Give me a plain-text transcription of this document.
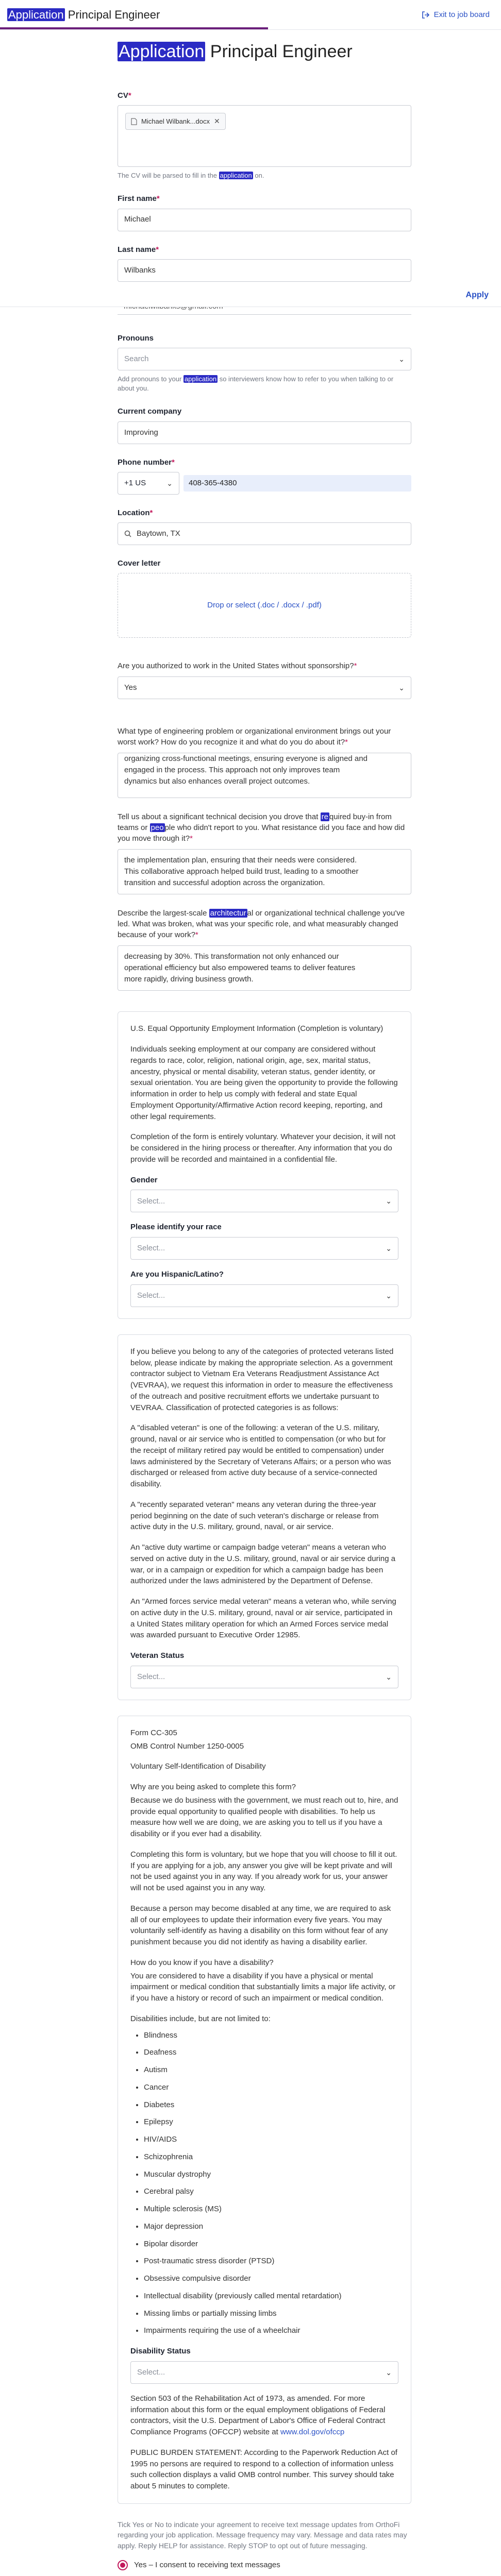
Application Principal Engineer	Exit to job board
Apply
Application Principal Engineer
CV*
Michael Wilbank...docx ✕
The CV will be parsed to fill in the application on.
First name*
Michael
Last name*
Wilbanks
Pronouns
Search	⌄
Add pronouns to your application so interviewers know how to refer to you when talking to or about you.
Current company
Improving
Phone number*
+1 US	⌄	408-365-4380
Location*
Baytown, TX
Cover letter
Drop or select (.doc / .docx / .pdf)
Are you authorized to work in the United States without sponsorship?*
Yes	⌄
What type of engineering problem or organizational environment brings out your worst work? How do you recognize it and what do you do about it?*
organizing cross-functional meetings, ensuring everyone is aligned and
engaged in the process. This approach not only improves team
dynamics but also enhances overall project outcomes.
Tell us about a significant technical decision you drove that re quired buy-in from teams or peo ple who didn't report to you. What resistance did you face and how did you move through it?*
the implementation plan, ensuring that their needs were considered.
This collaborative approach helped build trust, leading to a smoother
transition and successful adoption across the organization.
Describe the largest-scale architectur al or organizational technical challenge you've led. What was broken, what was your specific role, and what measurably changed because of your work?*
decreasing by 30%. This transformation not only enhanced our
operational efficiency but also empowered teams to deliver features
more rapidly, driving business growth.

U.S. Equal Opportunity Employment Information (Completion is voluntary)

Individuals seeking employment at our company are considered without regards to race, color, religion, national origin, age, sex, marital status, ancestry, physical or mental disability, veteran status, gender identity, or sexual orientation. You are being given the opportunity to provide the following information in order to help us comply with federal and state Equal Employment Opportunity/Affirmative Action record keeping, reporting, and other legal requirements.

Completion of the form is entirely voluntary. Whatever your decision, it will not be considered in the hiring process or thereafter. Any information that you do provide will be recorded and maintained in a confidential file.

Gender
Select...	⌄
Please identify your race
Select...	⌄
Are you Hispanic/Latino?
Select...	⌄

If you believe you belong to any of the categories of protected veterans listed below, please indicate by making the appropriate selection. As a government contractor subject to Vietnam Era Veterans Readjustment Assistance Act (VEVRAA), we request this information in order to measure the effectiveness of the outreach and positive recruitment efforts we undertake pursuant to VEVRAA. Classification of protected categories is as follows:

A "disabled veteran" is one of the following: a veteran of the U.S. military, ground, naval or air service who is entitled to compensation (or who but for the receipt of military retired pay would be entitled to compensation) under laws administered by the Secretary of Veterans Affairs; or a person who was discharged or released from active duty because of a service-connected disability.

A "recently separated veteran" means any veteran during the three-year period beginning on the date of such veteran's discharge or release from active duty in the U.S. military, ground, naval, or air service.

An "active duty wartime or campaign badge veteran" means a veteran who served on active duty in the U.S. military, ground, naval or air service during a war, or in a campaign or expedition for which a campaign badge has been authorized under the laws administered by the Department of Defense.

An "Armed forces service medal veteran" means a veteran who, while serving on active duty in the U.S. military, ground, naval or air service, participated in a United States military operation for which an Armed Forces service medal was awarded pursuant to Executive Order 12985.

Veteran Status
Select...	⌄

Form CC-305

OMB Control Number 1250-0005

Voluntary Self-Identification of Disability

Why are you being asked to complete this form?

Because we do business with the government, we must reach out to, hire, and provide equal opportunity to qualified people with disabilities. To help us measure how well we are doing, we are asking you to tell us if you have a disability or if you ever had a disability.

Completing this form is voluntary, but we hope that you will choose to fill it out. If you are applying for a job, any answer you give will be kept private and will not be used against you in any way. If you already work for us, your answer will not be used against you in any way.

Because a person may become disabled at any time, we are required to ask all of our employees to update their information every five years. You may voluntarily self-identify as having a disability on this form without fear of any punishment because you did not identify as having a disability earlier.

How do you know if you have a disability?

You are considered to have a disability if you have a physical or mental impairment or medical condition that substantially limits a major life activity, or if you have a history or record of such an impairment or medical condition.

Disabilities include, but are not limited to:

• Blindness
• Deafness
• Autism
• Cancer
• Diabetes
• Epilepsy
• HIV/AIDS
• Schizophrenia
• Muscular dystrophy
• Cerebral palsy
• Multiple sclerosis (MS)
• Major depression
• Bipolar disorder
• Post-traumatic stress disorder (PTSD)
• Obsessive compulsive disorder
• Intellectual disability (previously called mental retardation)
• Missing limbs or partially missing limbs
• Impairments requiring the use of a wheelchair
Disability Status
Select...	⌄

Section 503 of the Rehabilitation Act of 1973, as amended. For more information about this form or the equal employment obligations of Federal contractors, visit the U.S. Department of Labor's Office of Federal Contract Compliance Programs (OFCCP) website at www.dol.gov/ofccp

PUBLIC BURDEN STATEMENT: According to the Paperwork Reduction Act of 1995 no persons are required to respond to a collection of information unless such collection displays a valid OMB control number. This survey should take about 5 minutes to complete.

Tick Yes or No to indicate your agreement to receive text message updates from OrthoFi regarding your job application. Message frequency may vary. Message and data rates may apply. Reply HELP for assistance. Reply STOP to opt out of future messaging.
Yes – I consent to receiving text messages
